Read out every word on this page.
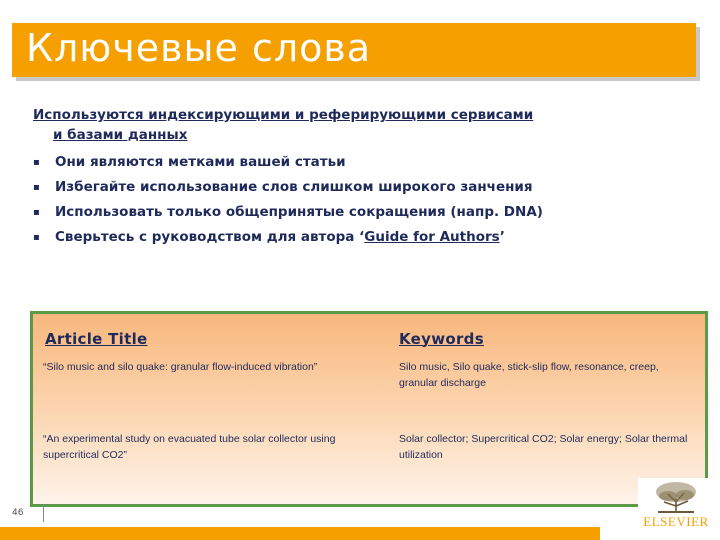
Ключевые слова
Используются индексирующими и реферирующими сервисами
и базами данных
▪ Они являются метками вашей статьи
▪ Избегайте использование слов слишком широкого занчения
▪ Использовать только общепринятые сокращения (напр. DNA)
▪ Сверьтесь с руководством для автора ‘Guide for Authors’
Article Title	Keywords
“Silo music and silo quake: granular flow-induced vibration”	Silo music, Silo quake, stick-slip flow, resonance, creep, granular discharge
“An experimental study on evacuated tube solar collector using supercritical CO2”
Solar collector; Supercritical CO2; Solar energy; Solar thermal utilization
46
ELSEVIER
